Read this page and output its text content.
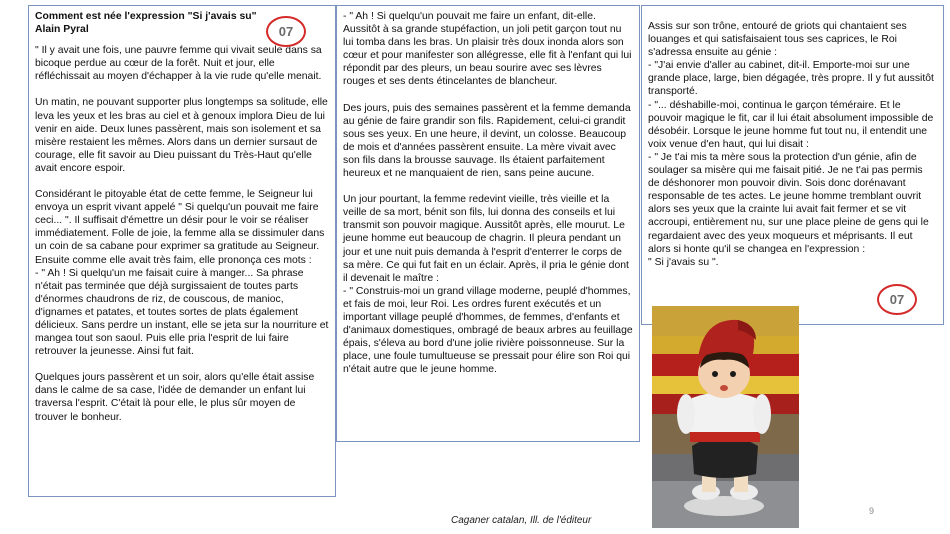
Comment est née l'expression "Si j'avais su"
Alain Pyral

" Il y avait une fois, une pauvre femme qui vivait seule dans sa bicoque perdue au cœur de la forêt. Nuit et jour, elle réfléchissait au moyen d'échapper à la vie rude qu'elle menait.

Un matin, ne pouvant supporter plus longtemps sa solitude, elle leva les yeux et les bras au ciel et à genoux implora Dieu de lui venir en aide. Deux lunes passèrent, mais son isolement et sa misère restaient les mêmes. Alors dans un dernier sursaut de courage, elle fit savoir au Dieu puissant du Très-Haut qu'elle avait encore espoir.

Considérant le pitoyable état de cette femme, le Seigneur lui envoya un esprit vivant appelé " Si quelqu'un pouvait me faire ceci... ". Il suffisait d'émettre un désir pour le voir se réaliser immédiatement. Folle de joie, la femme alla se dissimuler dans un coin de sa cabane pour exprimer sa gratitude au Seigneur. Ensuite comme elle avait très faim, elle prononça ces mots :
- " Ah ! Si quelqu'un me faisait cuire à manger... Sa phrase n'était pas terminée que déjà surgissaient de toutes parts d'énormes chaudrons de riz, de couscous, de manioc, d'ignames et patates, et toutes sortes de plats également délicieux. Sans perdre un instant, elle se jeta sur la nourriture et mangea tout son saoul. Puis elle pria l'esprit de lui faire retrouver la jeunesse. Ainsi fut fait.

Quelques jours passèrent et un soir, alors qu'elle était assise dans le calme de sa case, l'idée de demander un enfant lui traversa l'esprit. C'était là pour elle, le plus sûr moyen de trouver le bonheur.

- " Ah ! Si quelqu'un pouvait me faire un enfant, dit-elle. Aussitôt à sa grande stupéfaction, un joli petit garçon tout nu lui tomba dans les bras. Un plaisir très doux inonda alors son cœur et pour manifester son allégresse, elle fit à l'enfant qui lui répondit par des pleurs, un beau sourire avec ses lèvres rouges et ses dents étincelantes de blancheur.

Des jours, puis des semaines passèrent et la femme demanda au génie de faire grandir son fils. Rapidement, celui-ci grandit sous ses yeux. En une heure, il devint, un colosse. Beaucoup de mois et d'années passèrent ensuite. La mère vivait avec son fils dans la brousse sauvage. Ils étaient parfaitement heureux et ne manquaient de rien, sans peine aucune.

Un jour pourtant, la femme redevint vieille, très vieille et la veille de sa mort, bénit son fils, lui donna des conseils et lui transmit son pouvoir magique. Aussitôt après, elle mourut. Le jeune homme eut beaucoup de chagrin. Il pleura pendant un jour et une nuit puis demanda à l'esprit d'enterrer le corps de sa mère. Ce qui fut fait en un éclair. Après, il pria le génie dont il devenait le maître :
- " Construis-moi un grand village moderne, peuplé d'hommes, et fais de moi, leur Roi. Les ordres furent exécutés et un important village peuplé d'hommes, de femmes, d'enfants et d'animaux domestiques, ombragé de beaux arbres au feuillage épais, s'éleva au bord d'une jolie rivière poissonneuse. Sur la place, une foule tumultueuse se pressait pour élire son Roi qui n'était autre que le jeune homme.

Assis sur son trône, entouré de griots qui chantaient ses louanges et qui satisfaisaient tous ses caprices, le Roi s'adressa ensuite au génie :
- "J'ai envie d'aller au cabinet, dit-il. Emporte-moi sur une grande place, large, bien dégagée, très propre. Il y fut aussitôt transporté.
- "... déshabille-moi, continua le garçon téméraire. Et le pouvoir magique le fit, car il lui était absolument impossible de désobéir. Lorsque le jeune homme fut tout nu, il entendit une voix venue d'en haut, qui lui disait :
- " Je t'ai mis ta mère sous la protection d'un génie, afin de soulager sa misère qui me faisait pitié. Je ne t'ai pas permis de déshonorer mon pouvoir divin. Sois donc dorénavant responsable de tes actes. Le jeune homme tremblant ouvrit alors ses yeux que la crainte lui avait fait fermer et se vit accroupi, entièrement nu, sur une place pleine de gens qui le regardaient avec des yeux moqueurs et méprisants. Il eut alors si honte qu'il se changea en l'expression :
" Si j'avais su ".

07
07
Caganer catalan, Ill. de l'éditeur
9
